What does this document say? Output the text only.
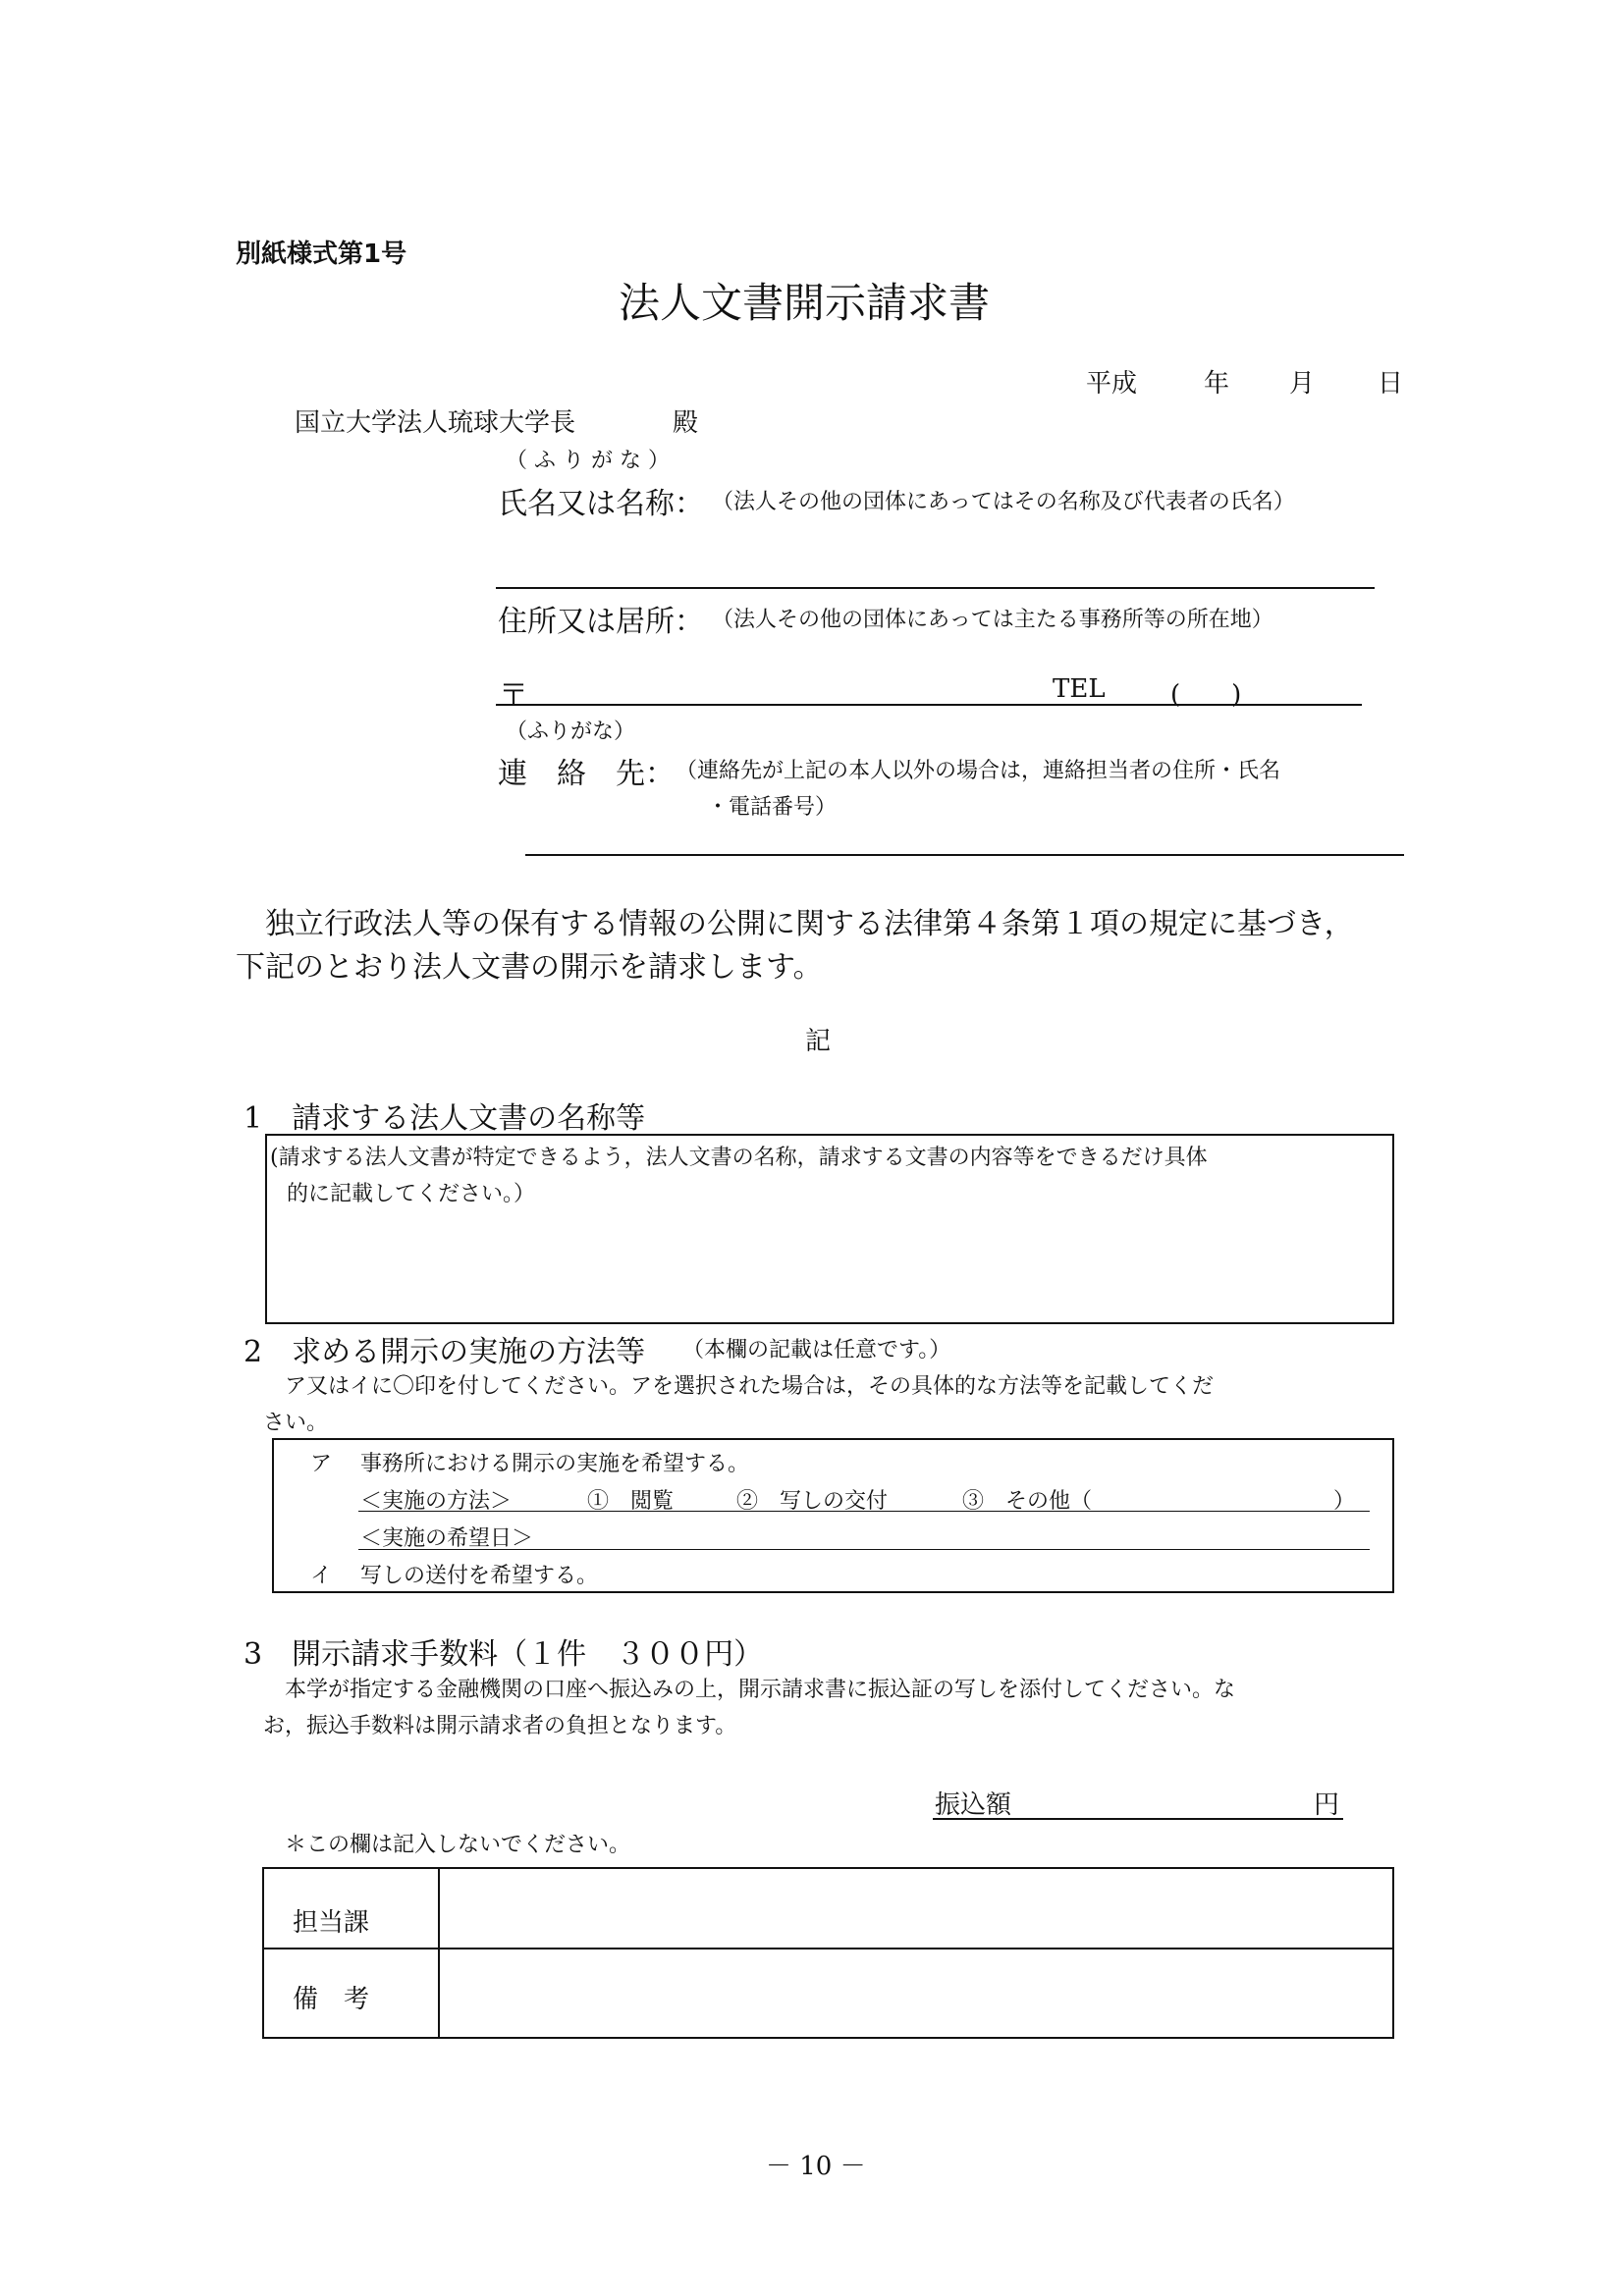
別紙様式第1号
法人文書開示請求書
平成	年 月 日
国立大学法人琉球大学長	殿
（ ふ り が な ）
氏名又は名称： （法人その他の団体にあってはその名称及び代表者の氏名）
住所又は居所： （法人その他の団体にあっては主たる事務所等の所在地）
〒	TEL	(　　)
（ふりがな）
連　絡　先： （連絡先が上記の本人以外の場合は，連絡担当者の住所・氏名
・電話番号）
独立行政法人等の保有する情報の公開に関する法律第４条第１項の規定に基づき，
下記のとおり法人文書の開示を請求します。
記
1　請求する法人文書の名称等
(請求する法人文書が特定できるよう，法人文書の名称，請求する文書の内容等をできるだけ具体
的に記載してください。）
2　求める開示の実施の方法等 （本欄の記載は任意です。）
ア又はイに〇印を付してください。アを選択された場合は，その具体的な方法等を記載してくだ
さい。
ア 事務所における開示の実施を希望する。
＜実施の方法＞	①　閲覧	②　写しの交付	③　その他（	）
＜実施の希望日＞
イ 写しの送付を希望する。
3　開示請求手数料（１件　３００円）
本学が指定する金融機関の口座へ振込みの上，開示請求書に振込証の写しを添付してください。な
お，振込手数料は開示請求者の負担となります。
振込額	円
＊この欄は記入しないでください。
担当課
備　考
－ 10 －
